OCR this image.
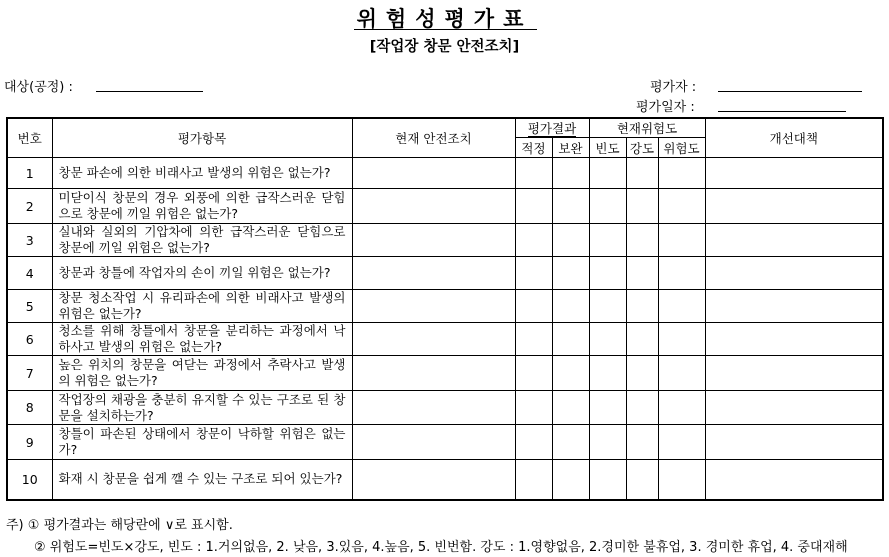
위험성평가표
[작업장 창문 안전조치]
대상(공정) :	평가자 :
평가일자 :
번호	평가항목	현재 안전조치	평가결과		현재위험도			개선대책
			적정	보완	빈도	강도	위험도	
1	창문 파손에 의한 비래사고 발생의 위험은 없는가?							
2	미닫이식 창문의 경우 외풍에 의한 급작스러운 닫힘으로 창문에 끼일 위험은 없는가?							
3	실내와 실외의 기압차에 의한 급작스러운 닫힘으로 창문에 끼일 위험은 없는가?							
4	창문과 창틀에 작업자의 손이 끼일 위험은 없는가?							
5	창문 청소작업 시 유리파손에 의한 비래사고 발생의 위험은 없는가?							
6	청소를 위해 창틀에서 창문을 분리하는 과정에서 낙하사고 발생의 위험은 없는가?							
7	높은 위치의 창문을 여닫는 과정에서 추락사고 발생의 위험은 없는가?							
8	작업장의 채광을 충분히 유지할 수 있는 구조로 된 창문을 설치하는가?							
9	창틀이 파손된 상태에서 창문이 낙하할 위험은 없는가?							
10	화재 시 창문을 쉽게 깰 수 있는 구조로 되어 있는가?							
주) ① 평가결과는 해당란에 ∨로 표시함.
② 위험도=빈도×강도, 빈도 : 1.거의없음, 2. 낮음, 3.있음, 4.높음, 5. 빈번함. 강도 : 1.영향없음, 2.경미한 불휴업, 3. 경미한 휴업, 4. 중대재해
